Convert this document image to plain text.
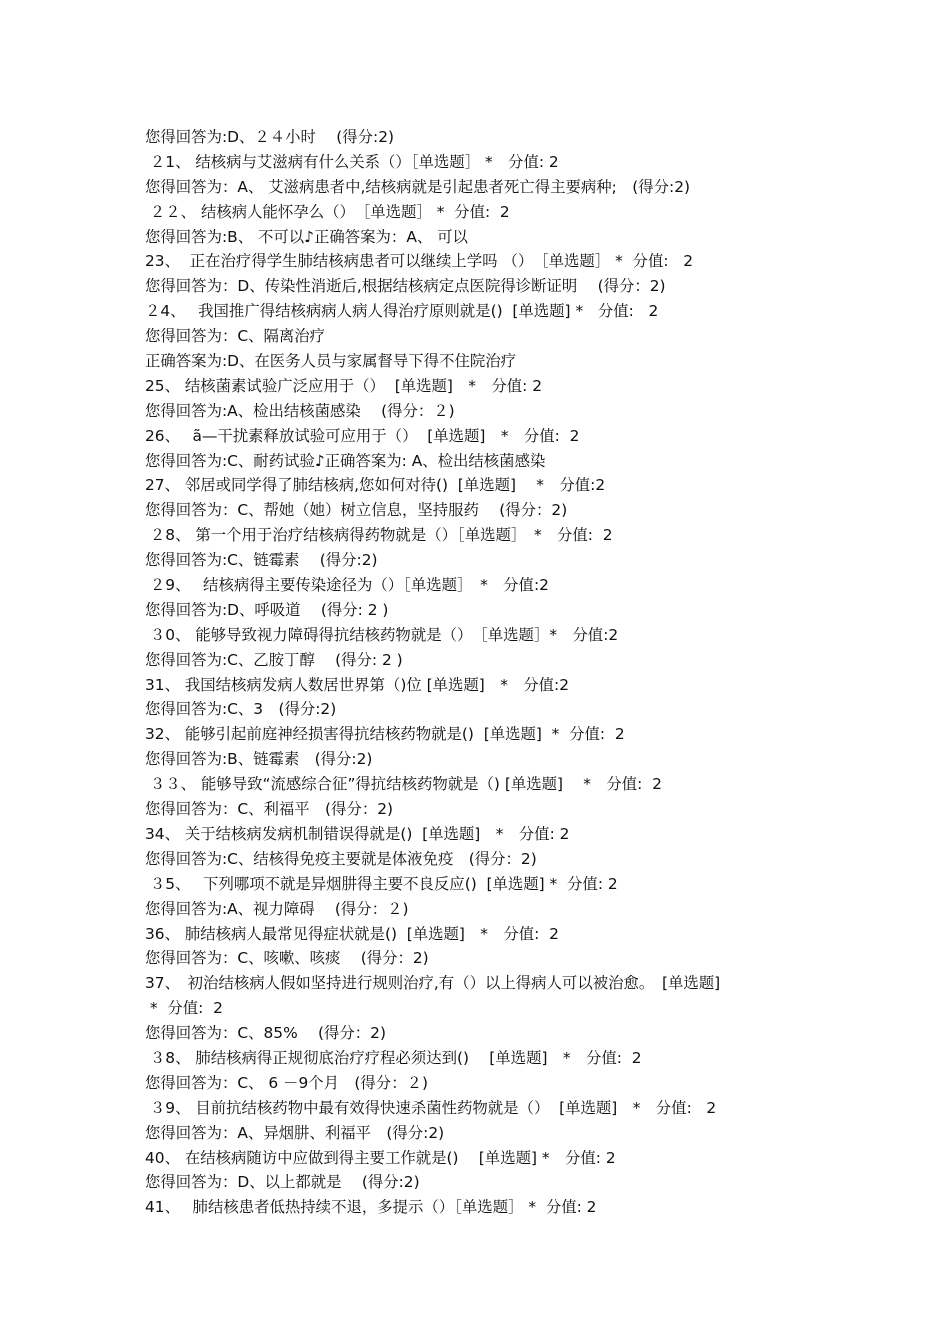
您得回答为:D、２４小时　 (得分:2)
２1、 结核病与艾滋病有什么关系（）［单选题］ *　分值: 2
您得回答为：A、 艾滋病患者中,结核病就是引起患者死亡得主要病种;　(得分:2)
２２、 结核病人能怀孕么（）　［单选题］ *  分值:  2
您得回答为:B、 不可以♪正确答案为：A、 可以
23、  正在治疗得学生肺结核病患者可以继续上学吗 （）　［单选题］ *  分值:   2
您得回答为：D、传染性消逝后,根据结核病定点医院得诊断证明　 (得分：2)
２4、　 我国推广得结核病病人病人得治疗原则就是()  [单选题] *   分值:   2
您得回答为：C、隔离治疗
正确答案为:D、在医务人员与家属督导下得不住院治疗
25、 结核菌素试验广泛应用于（）  [单选题]　*　分值: 2
您得回答为:A、检出结核菌感染　 (得分：２)
26、　 ã—干扰素释放试验可应用于（）  [单选题]　*　分值:  2
您得回答为:C、耐药试验♪正确答案为: A、检出结核菌感染
27、 邻居或同学得了肺结核病,您如何对待()  [单选题]　 *　分值:2
您得回答为：C、帮她（她）树立信息，坚持服药　 (得分：2)
２8、 第一个用于治疗结核病得药物就是（）［单选题］　*　分值:  2
您得回答为:C、链霉素　 (得分:2)
２9、　 结核病得主要传染途径为（）［单选题］　*　分值:2
您得回答为:D、呼吸道　 (得分: 2 )
３0、 能够导致视力障碍得抗结核药物就是（）　［单选题］*　分值:2
您得回答为:C、乙胺丁醇　 (得分: 2 )
31、 我国结核病发病人数居世界第（)位 [单选题]　*　分值:2
您得回答为:C、3　(得分:2)
32、 能够引起前庭神经损害得抗结核药物就是()  [单选题]  *  分值:  2
您得回答为:B、链霉素　(得分:2)
３３、 能够导致“流感综合征”得抗结核药物就是（) [单选题]　 *　分值:  2
您得回答为：C、利福平　(得分：2)
34、 关于结核病发病机制错误得就是()  [单选题]　*　分值: 2
您得回答为:C、结核得免疫主要就是体液免疫　(得分：2)
３5、　 下列哪项不就是异烟肼得主要不良反应()  [单选题] *  分值: 2
您得回答为:A、视力障碍　 (得分：２)
36、 肺结核病人最常见得症状就是()  [单选题]　*　分值:  2
您得回答为：C、咳嗽、咳痰　 (得分：2)
37、　初治结核病人假如坚持进行规则治疗,有（）以上得病人可以被治愈。　[单选题]
*  分值:  2
您得回答为：C、85%　 (得分：2)
３8、 肺结核病得正规彻底治疗疗程必须达到()　 [单选题]　*　分值:  2
您得回答为：C、 6 －9个月　(得分：２)
３9、 目前抗结核药物中最有效得快速杀菌性药物就是（）  [单选题]　*　分值:   2
您得回答为：A、异烟肼、利福平　(得分:2)
40、 在结核病随访中应做到得主要工作就是()　 [单选题] *　分值: 2
您得回答为：D、以上都就是　 (得分:2)
41、　 肺结核患者低热持续不退，多提示（）［单选题］ *  分值: 2
